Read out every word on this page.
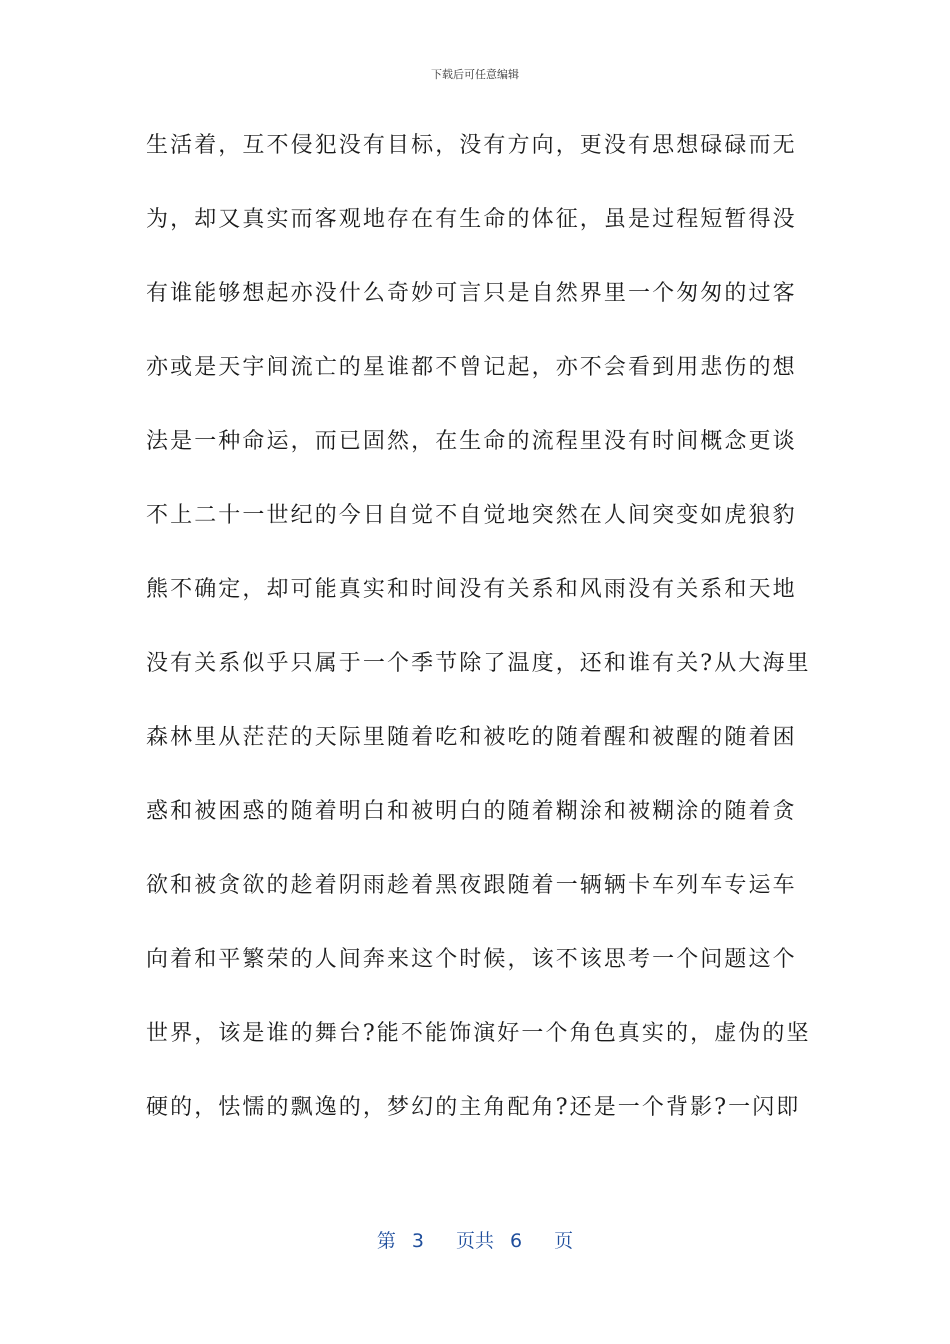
下载后可任意编辑
生活着，互不侵犯没有目标，没有方向，更没有思想碌碌而无
为，却又真实而客观地存在有生命的体征，虽是过程短暂得没
有谁能够想起亦没什么奇妙可言只是自然界里一个匆匆的过客
亦或是天宇间流亡的星谁都不曾记起，亦不会看到用悲伤的想
法是一种命运，而已固然，在生命的流程里没有时间概念更谈
不上二十一世纪的今日自觉不自觉地突然在人间突变如虎狼豹
熊不确定，却可能真实和时间没有关系和风雨没有关系和天地
没有关系似乎只属于一个季节除了温度，还和谁有关?从大海里
森林里从茫茫的天际里随着吃和被吃的随着醒和被醒的随着困
惑和被困惑的随着明白和被明白的随着糊涂和被糊涂的随着贪
欲和被贪欲的趁着阴雨趁着黑夜跟随着一辆辆卡车列车专运车
向着和平繁荣的人间奔来这个时候，该不该思考一个问题这个
世界，该是谁的舞台?能不能饰演好一个角色真实的，虚伪的坚
硬的，怯懦的飘逸的，梦幻的主角配角?还是一个背影?一闪即
第 3 页共 6 页
